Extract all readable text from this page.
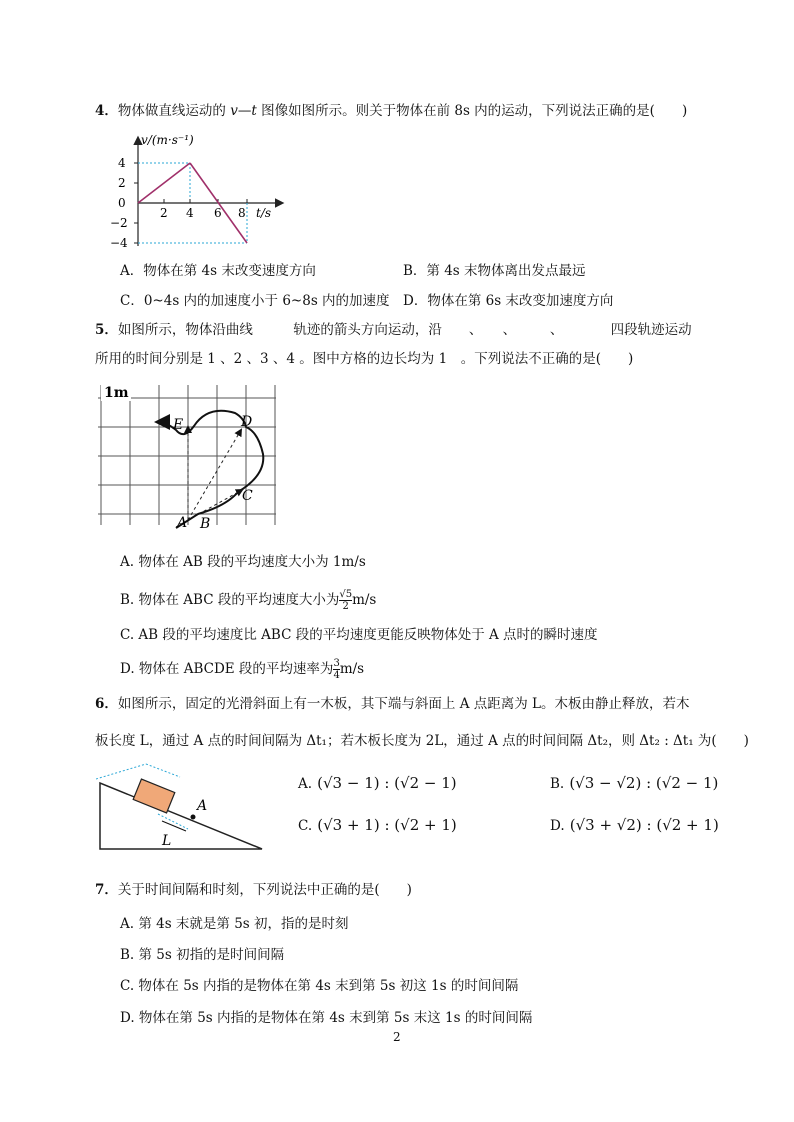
4．物体做直线运动的 v—t 图像如图所示。则关于物体在前 8s 内的运动，下列说法正确的是(　　)
v/(m·s⁻¹)
4
2
0
−2
−4
2 4 6 8 t/s
A．物体在第 4s 末改变速度方向	B．第 4s 末物体离出发点最远
C．0~4s 内的加速度小于 6~8s 内的加速度 D．物体在第 6s 末改变加速度方向
5．如图所示，物体沿曲线　　　轨迹的箭头方向运动，沿　　、　　、　　　、　　　　四段轨迹运动
所用的时间分别是 1 、2 、3 、4 。图中方格的边长均为 1　。下列说法不正确的是(　　)
1m
A B
C
D
E
A. 物体在 AB 段的平均速度大小为 1m/s
B. 物体在 ABC 段的平均速度大小为 $\frac{√5}{2} m/s$
C. AB 段的平均速度比 ABC 段的平均速度更能反映物体处于 A 点时的瞬时速度
D. 物体在 ABCDE 段的平均速率为 $\frac{3}{4} m/s$
6．如图所示，固定的光滑斜面上有一木板，其下端与斜面上 A 点距离为 L。木板由静止释放，若木
板长度 L，通过 A 点的时间间隔为 Δt₁；若木板长度为 2L，通过 A 点的时间间隔 Δt₂，则 Δt₂ : Δt₁ 为(　　)
A
L
A. (√3 − 1) : (√2 − 1)	B. (√3 − √2) : (√2 − 1)
C. (√3 + 1) : (√2 + 1)	D. (√3 + √2) : (√2 + 1)
7．关于时间间隔和时刻，下列说法中正确的是(　　)
A. 第 4s 末就是第 5s 初，指的是时刻
B. 第 5s 初指的是时间间隔
C. 物体在 5s 内指的是物体在第 4s 末到第 5s 初这 1s 的时间间隔
D. 物体在第 5s 内指的是物体在第 4s 末到第 5s 末这 1s 的时间间隔
2
